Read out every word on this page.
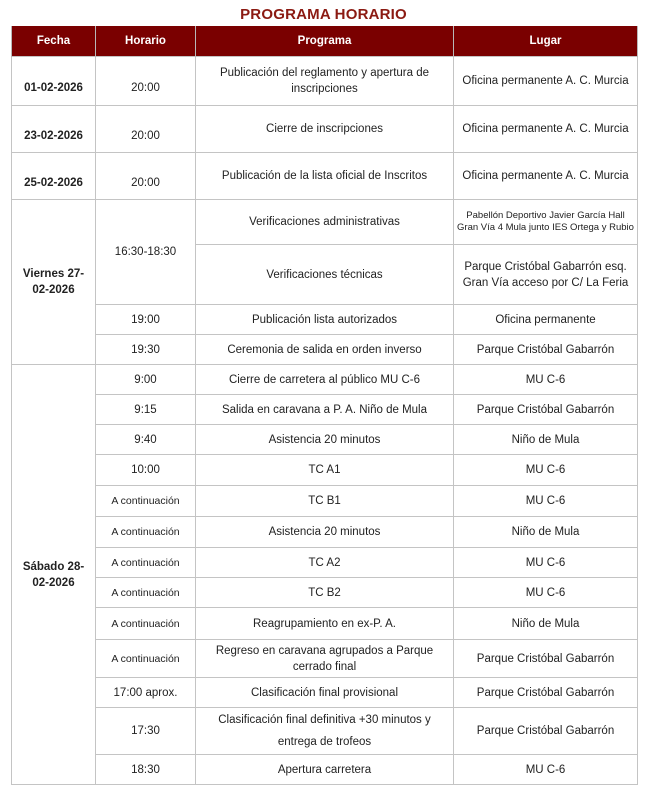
PROGRAMA HORARIO
Fecha	Horario	Programa	Lugar
01-02-2026	20:00	Publicación del reglamento y apertura de inscripciones	Oficina permanente A. C. Murcia
23-02-2026	20:00	Cierre de inscripciones	Oficina permanente A. C. Murcia
25-02-2026	20:00	Publicación de la lista oficial de Inscritos	Oficina permanente A. C. Murcia
Viernes 27-02-2026	16:30-18:30	Verificaciones administrativas	Pabellón Deportivo Javier García Hall Gran Vía 4 Mula junto IES Ortega y Rubio
		Verificaciones técnicas	Parque Cristóbal Gabarrón esq. Gran Vía acceso por C/ La Feria
	19:00	Publicación lista autorizados	Oficina permanente
	19:30	Ceremonia de salida en orden inverso	Parque Cristóbal Gabarrón
Sábado 28-02-2026	9:00	Cierre de carretera al público MU C-6	MU C-6
	9:15	Salida en caravana a P. A. Niño de Mula	Parque Cristóbal Gabarrón
	9:40	Asistencia 20 minutos	Niño de Mula
	10:00	TC A1	MU C-6
	A continuación	TC B1	MU C-6
	A continuación	Asistencia 20 minutos	Niño de Mula
	A continuación	TC A2	MU C-6
	A continuación	TC B2	MU C-6
	A continuación	Reagrupamiento en ex-P. A.	Niño de Mula
	A continuación	Regreso en caravana agrupados a Parque cerrado final	Parque Cristóbal Gabarrón
	17:00 aprox.	Clasificación final provisional	Parque Cristóbal Gabarrón
	17:30	Clasificación final definitiva +30 minutos y entrega de trofeos	Parque Cristóbal Gabarrón
	18:30	Apertura carretera	MU C-6
